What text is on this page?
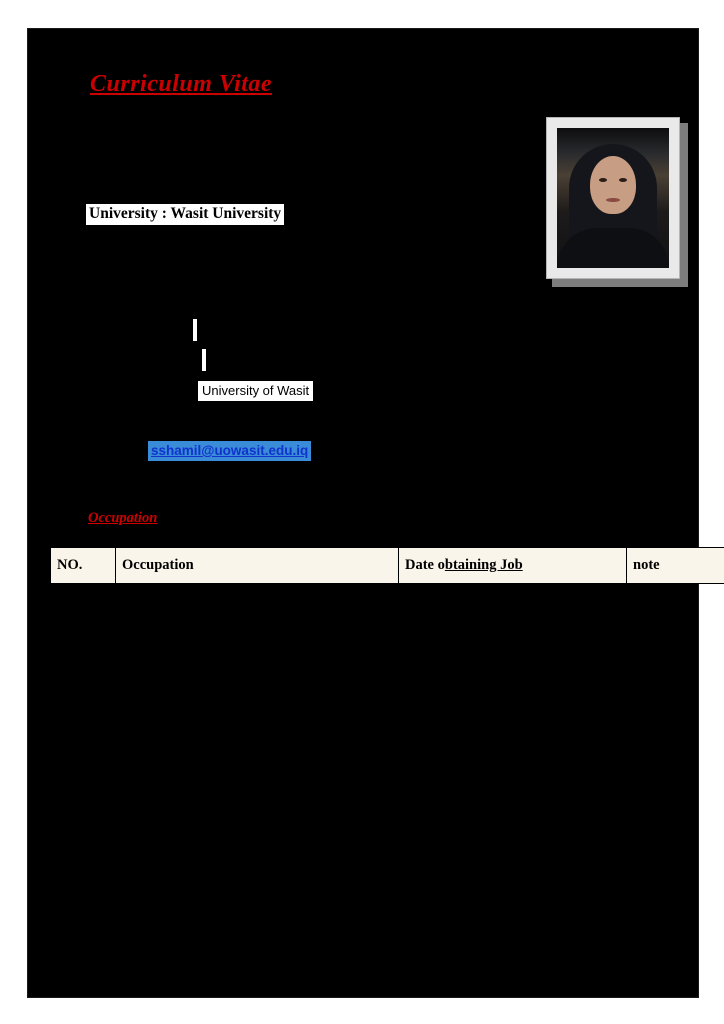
Curriculum Vitae
University : Wasit University
University of Wasit
sshamil@uowasit.edu.iq
Occupation
NO.	Occupation	Date obtaining Job	note
